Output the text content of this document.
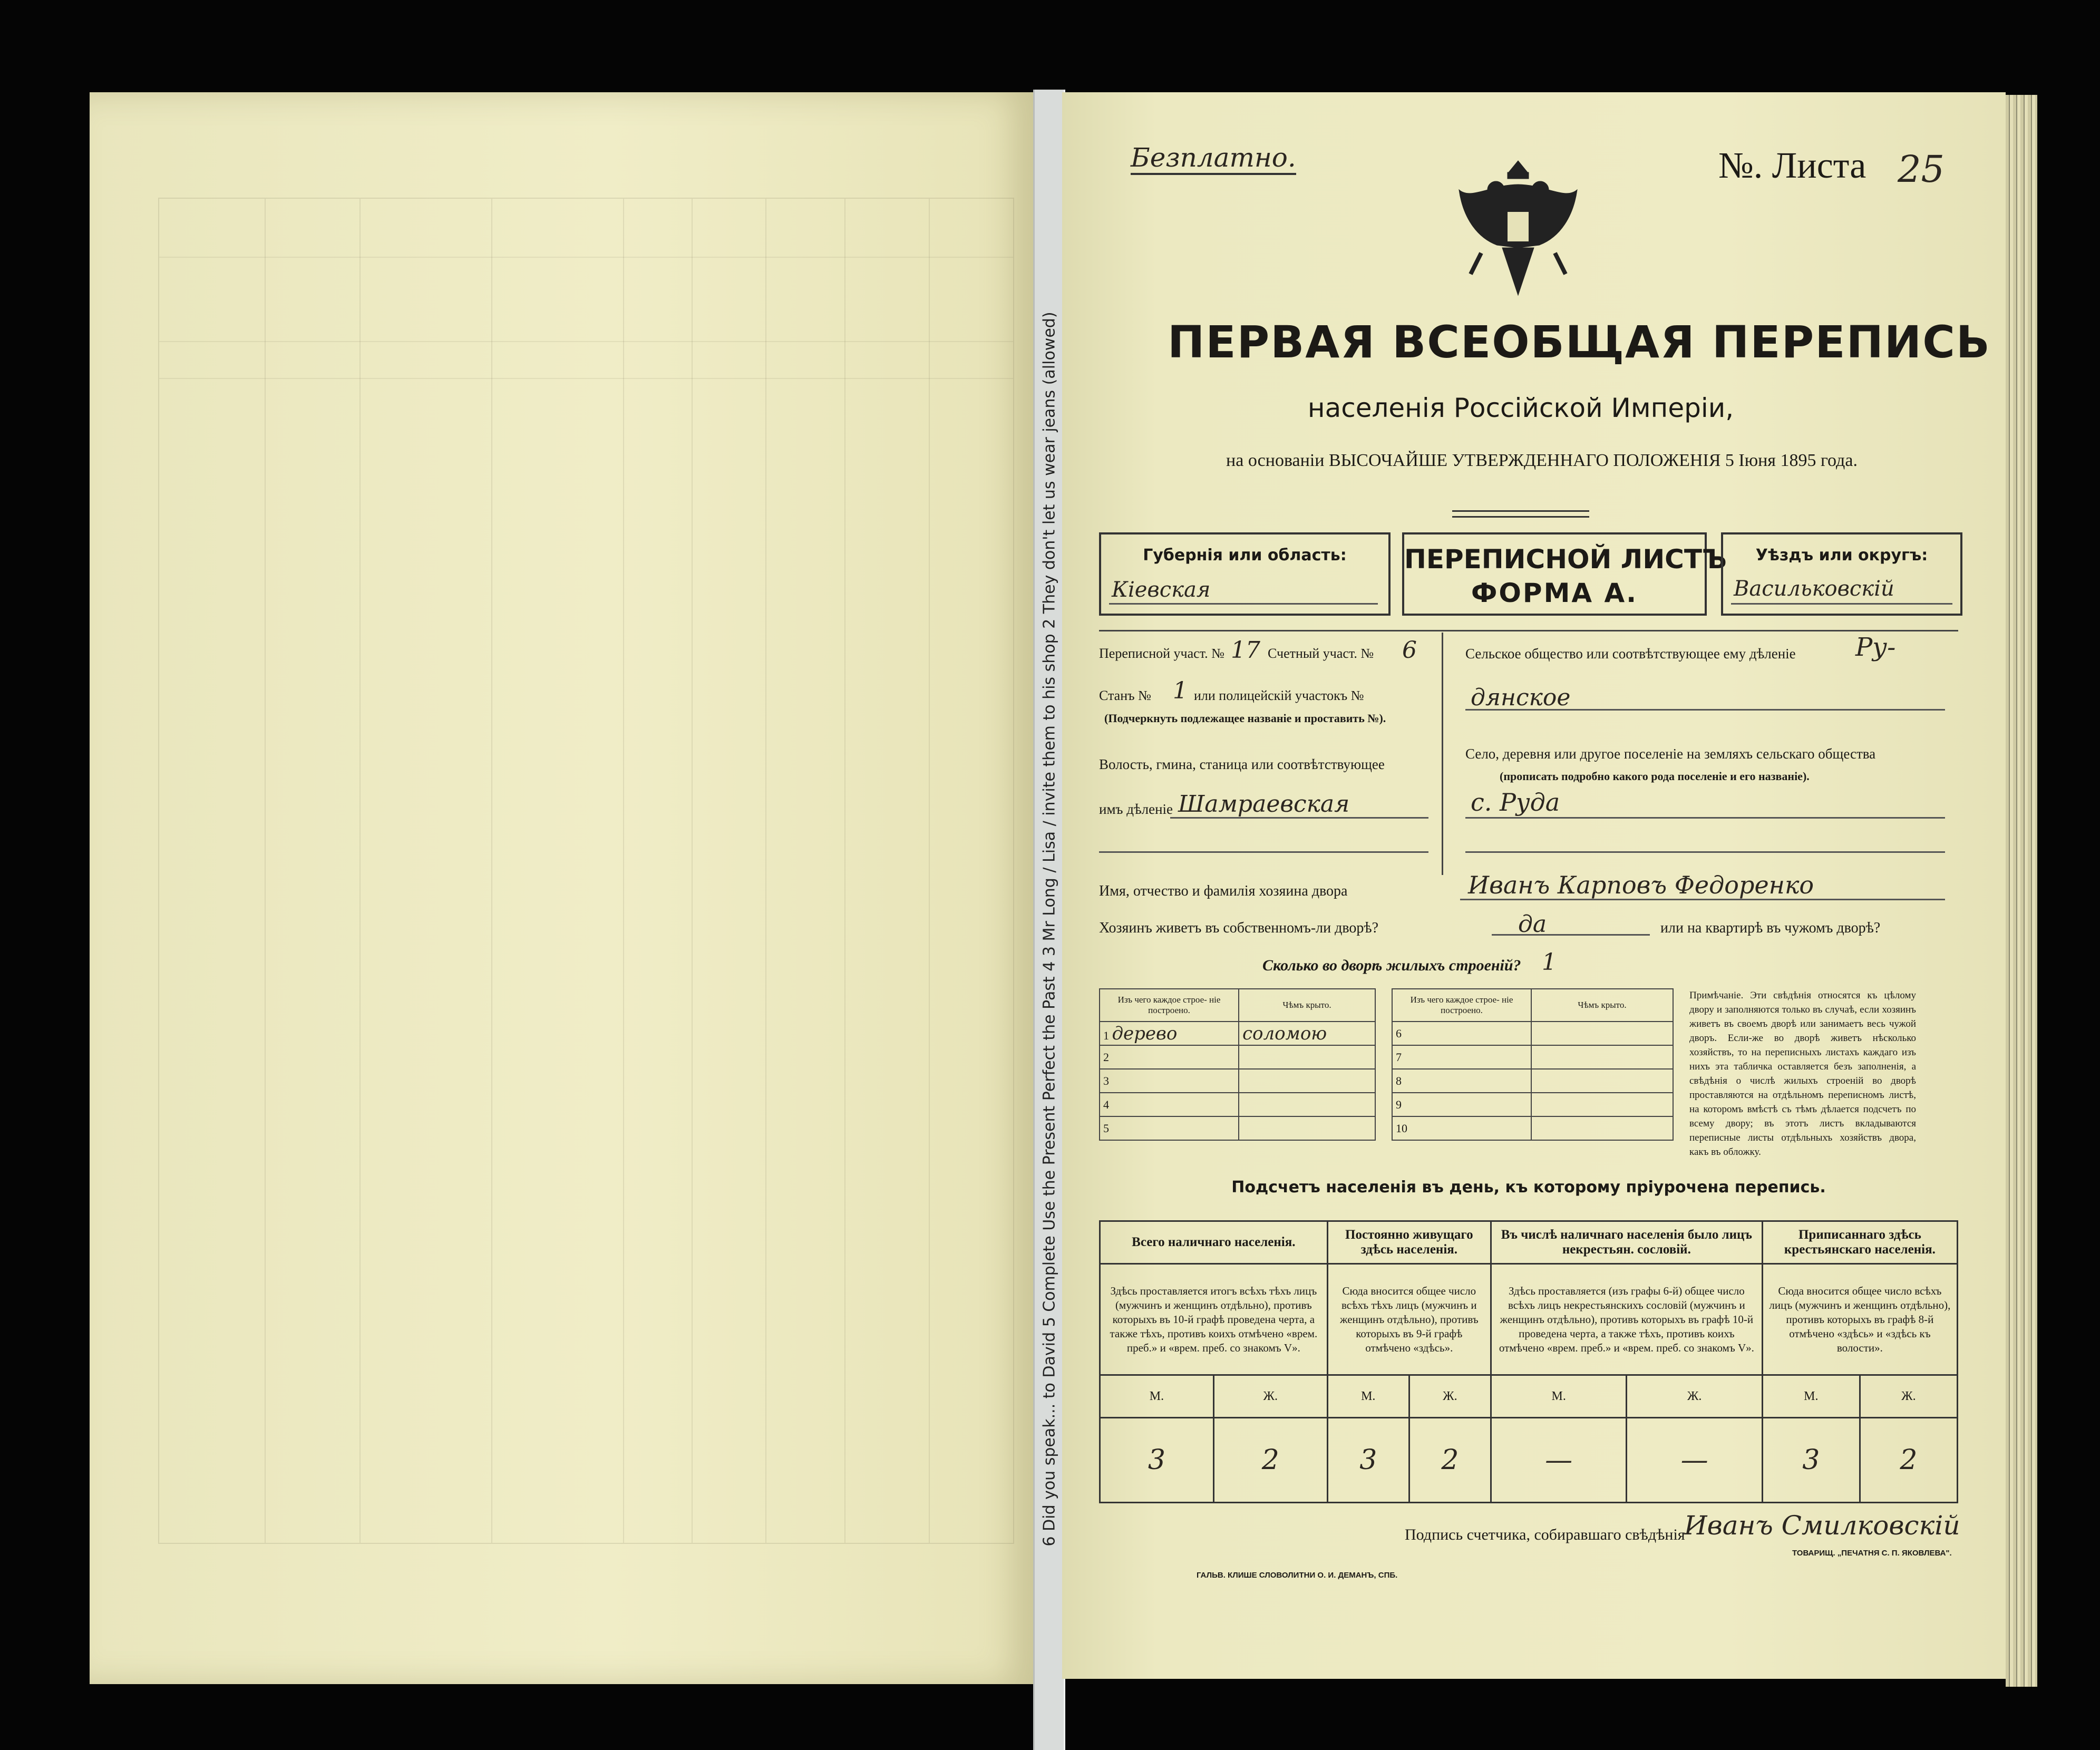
6 Did you speak... to David 5 Complete Use the Present Perfect the Past 4 3 Mr Long / Lisa / invite them to his shop 2 They don't let us wear jeans (allowed)
Безплатно.	№. Листа 25
ПЕРВАЯ ВСЕОБЩАЯ ПЕРЕПИСЬ
населенія Россійской Имперіи,
на основаніи ВЫСОЧАЙШЕ УТВЕРЖДЕННАГО ПОЛОЖЕНІЯ 5 Іюня 1895 года.
Губернія или область:
Кіевская
ПЕРЕПИСНОЙ ЛИСТЪ
ФОРМА А.
Уѣздъ или округъ:
Васильковскій
Переписной участ. № 17 Счетный участ. № 6
Станъ № 1 или полицейскій участокъ №
(Подчеркнуть подлежащее названіе и проставить №).
Волость, гмина, станица или соотвѣтствующее
имъ дѣленіе Шамраевская
Сельское общество или соотвѣтствующее ему дѣленіе Ру-
дянское
Село, деревня или другое поселеніе на земляхъ сельскаго общества
(прописать подробно какого рода поселеніе и его названіе).
с. Руда
Имя, отчество и фамилія хозяина двора	Иванъ Карповъ Федоренко
Хозяинъ живетъ въ собственномъ-ли дворѣ?	да	или на квартирѣ въ чужомъ дворѣ?
Сколько во дворѣ жилыхъ строеній? 1
Изъ чего каждое строе- ніе построено.	Чѣмъ крыто.
1 дерево	соломою
2	
3	
4	
5	
Изъ чего каждое строе- ніе построено.	Чѣмъ крыто.
6	
7	
8	
9	
10	
Примѣчаніе. Эти свѣдѣнія относятся къ цѣлому двору и заполняются только въ случаѣ, если хозяинъ живетъ въ своемъ дворѣ или занимаетъ весь чужой дворъ. Если-же во дворѣ живетъ нѣсколько хозяйствъ, то на переписныхъ листахъ каждаго изъ нихъ эта табличка оставляется безъ заполненія, а свѣдѣнія о числѣ жилыхъ строеній во дворѣ проставляются на отдѣльномъ переписномъ листѣ, на которомъ вмѣстѣ съ тѣмъ дѣлается подсчетъ по всему двору; въ этотъ листъ вкладываются переписные листы отдѣльныхъ хозяйствъ двора, какъ въ обложку.
Подсчетъ населенія въ день, къ которому пріурочена перепись.
Всего наличнаго населенія.		Постоянно живущаго здѣсь населенія.		Въ числѣ наличнаго населенія было лицъ некрестьян. сословій.		Приписаннаго здѣсь крестьянскаго населенія.	
Здѣсь проставляется итогъ всѣхъ тѣхъ лицъ (мужчинъ и женщинъ отдѣльно), противъ которыхъ въ 10-й графѣ проведена черта, а также тѣхъ, противъ коихъ отмѣчено «врем. преб.» и «врем. преб. со знакомъ V».		Сюда вносится общее число всѣхъ тѣхъ лицъ (мужчинъ и женщинъ отдѣльно), противъ которыхъ въ 9-й графѣ отмѣчено «здѣсь».		Здѣсь проставляется (изъ графы 6-й) общее число всѣхъ лицъ некрестьянскихъ сословій (мужчинъ и женщинъ отдѣльно), противъ которыхъ въ графѣ 10-й проведена черта, а также тѣхъ, противъ коихъ отмѣчено «врем. преб.» и «врем. преб. со знакомъ V».		Сюда вносится общее число всѣхъ лицъ (мужчинъ и женщинъ отдѣльно), противъ которыхъ въ графѣ 8-й отмѣчено «здѣсь» и «здѣсь къ волости».	
М.	Ж.	М.	Ж.	М.	Ж.	М.	Ж.
3	2	3	2	—	—	3	2
Подпись счетчика, собиравшаго свѣдѣнія
Иванъ Смилковскій
ГАЛЬВ. КЛИШЕ СЛОВОЛИТНИ О. И. ДЕМАНЪ, СПБ.
ТОВАРИЩ. „ПЕЧАТНЯ С. П. ЯКОВЛЕВА".
